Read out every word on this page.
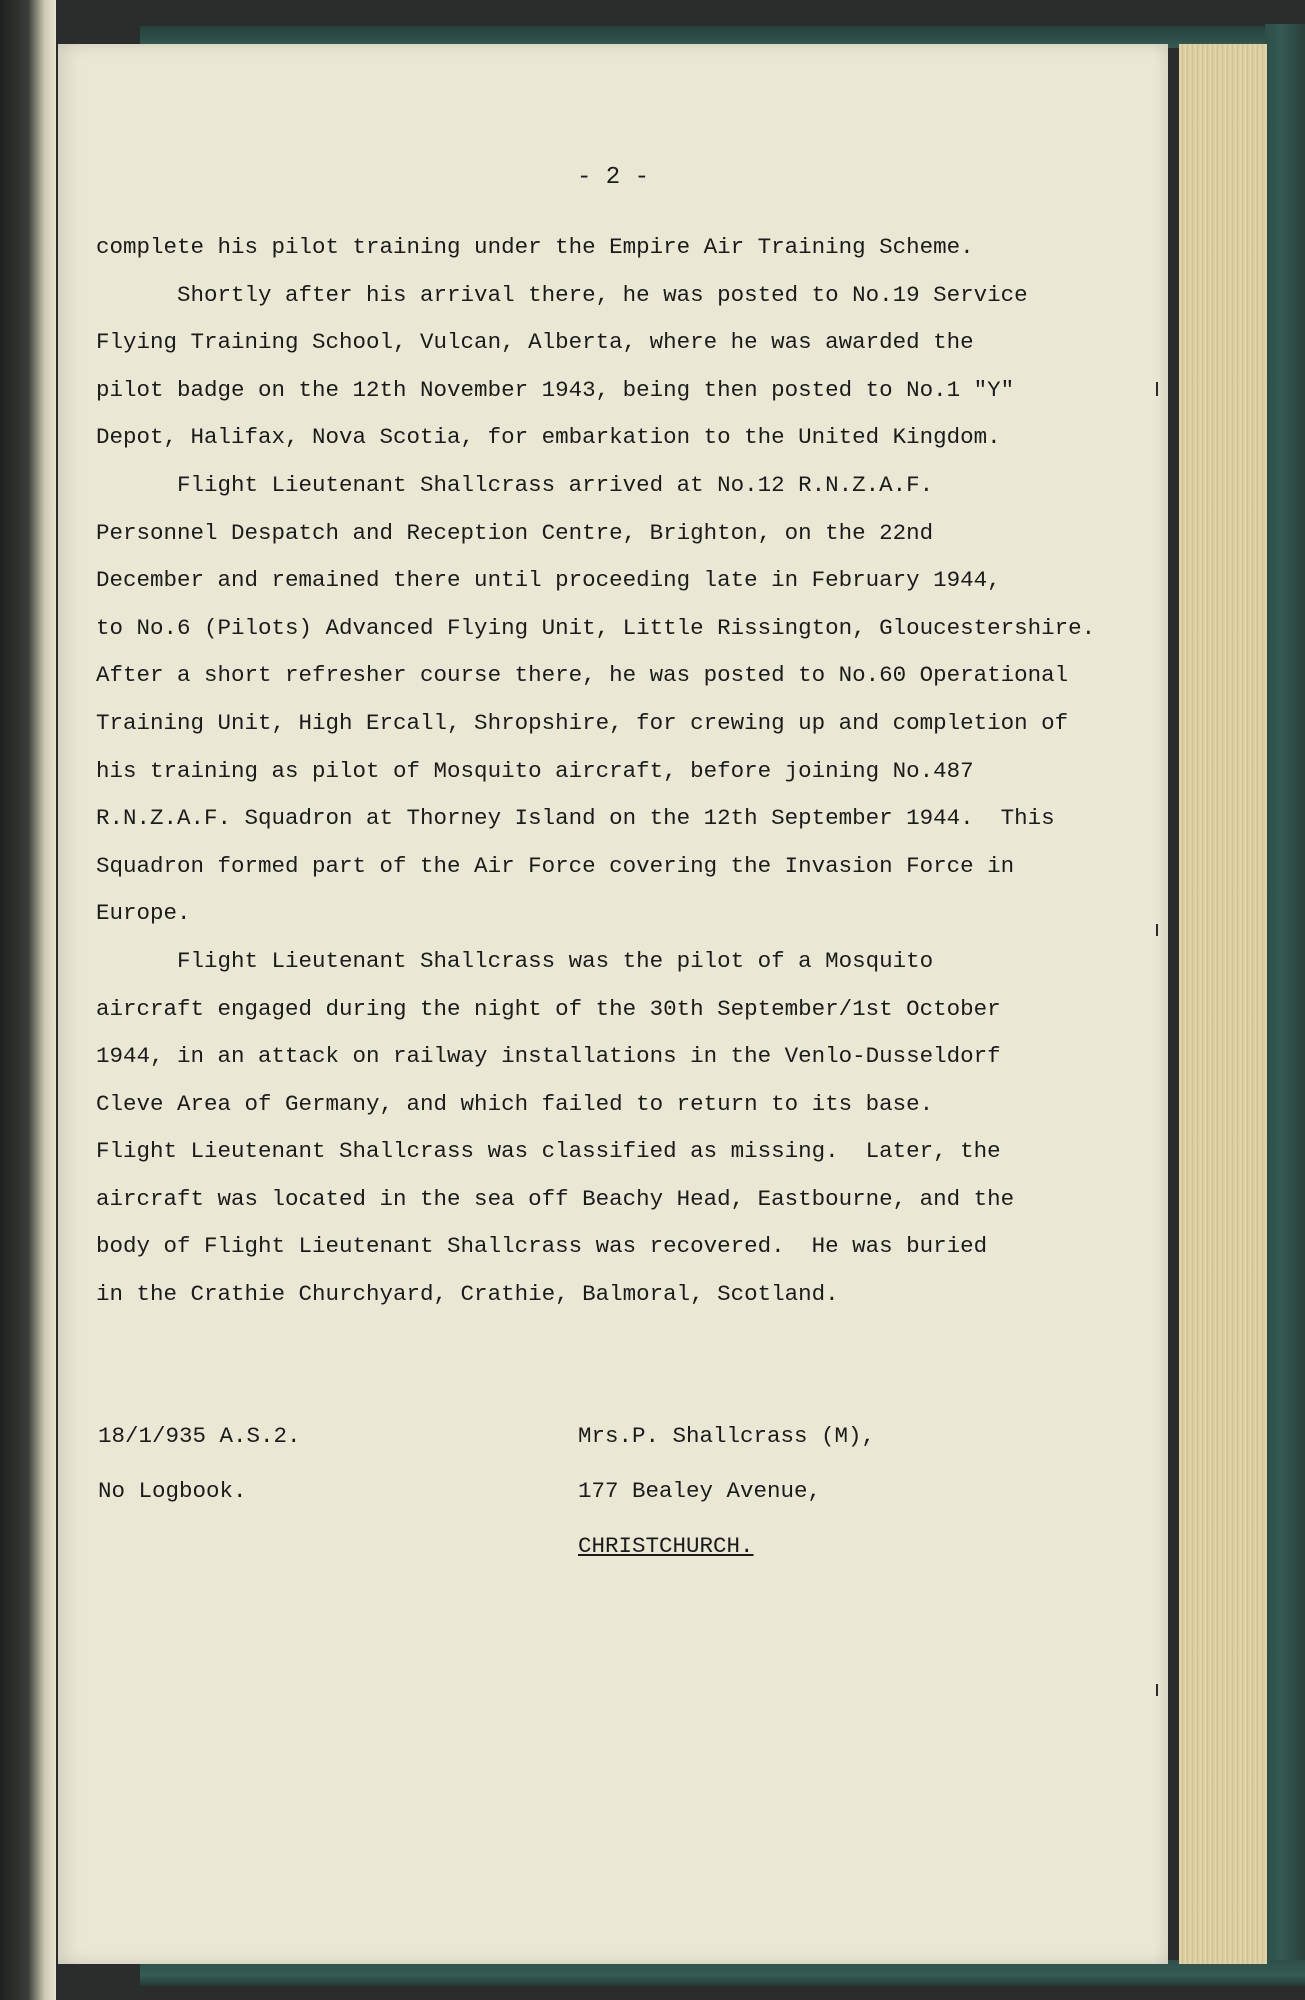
- 2 -
complete his pilot training under the Empire Air Training Scheme.
Shortly after his arrival there, he was posted to No.19 Service
Flying Training School, Vulcan, Alberta, where he was awarded the
pilot badge on the 12th November 1943, being then posted to No.1 "Y"
Depot, Halifax, Nova Scotia, for embarkation to the United Kingdom.
Flight Lieutenant Shallcrass arrived at No.12 R.N.Z.A.F.
Personnel Despatch and Reception Centre, Brighton, on the 22nd
December and remained there until proceeding late in February 1944,
to No.6 (Pilots) Advanced Flying Unit, Little Rissington, Gloucestershire.
After a short refresher course there, he was posted to No.60 Operational
Training Unit, High Ercall, Shropshire, for crewing up and completion of
his training as pilot of Mosquito aircraft, before joining No.487
R.N.Z.A.F. Squadron at Thorney Island on the 12th September 1944.  This
Squadron formed part of the Air Force covering the Invasion Force in
Europe.
Flight Lieutenant Shallcrass was the pilot of a Mosquito
aircraft engaged during the night of the 30th September/1st October
1944, in an attack on railway installations in the Venlo-Dusseldorf
Cleve Area of Germany, and which failed to return to its base.
Flight Lieutenant Shallcrass was classified as missing.  Later, the
aircraft was located in the sea off Beachy Head, Eastbourne, and the
body of Flight Lieutenant Shallcrass was recovered.  He was buried
in the Crathie Churchyard, Crathie, Balmoral, Scotland.
18/1/935 A.S.2.
No Logbook.
Mrs.P. Shallcrass (M),
177 Bealey Avenue,
CHRISTCHURCH.
